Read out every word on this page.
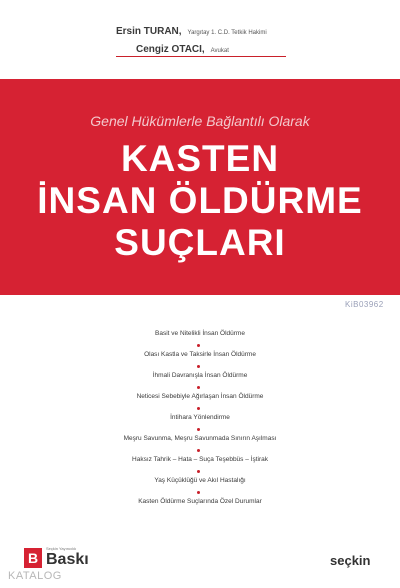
Ersin TURAN, Yargıtay 1. C.D. Tetkik Hakimi
Cengiz OTACI, Avukat
Genel Hükümlerle Bağlantılı Olarak
KASTEN
İNSAN ÖLDÜRME
SUÇLARI
KiB03962
Basit ve Nitelikli İnsan Öldürme
Olası Kastla ve Taksirle İnsan Öldürme
İhmali Davranışla İnsan Öldürme
Neticesi Sebebiyle Ağırlaşan İnsan Öldürme
İntihara Yönlendirme
Meşru Savunma, Meşru Savunmada Sınırın Aşılması
Haksız Tahrik – Hata – Suça Teşebbüs – İştirak
Yaş Küçüklüğü ve Akıl Hastalığı
Kasten Öldürme Suçlarında Özel Durumlar
B
Seçkin Yayıncılık
Baskı	seçkin
KATALOG
